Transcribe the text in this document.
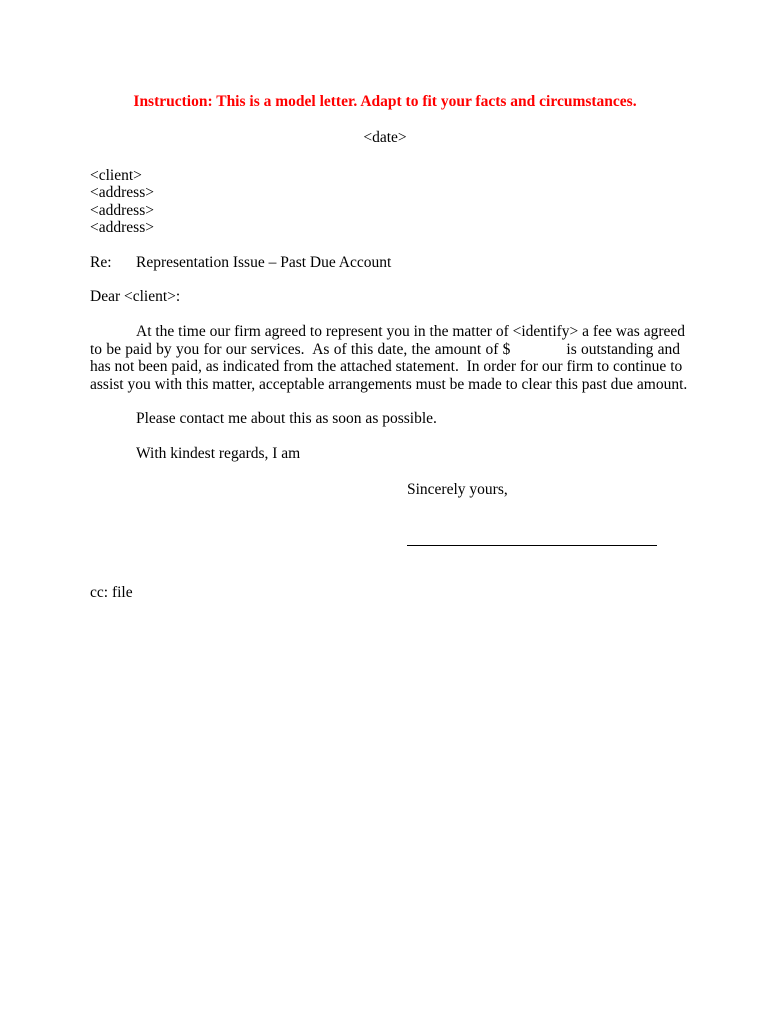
Instruction: This is a model letter. Adapt to fit your facts and circumstances.
<date>
<client>
<address>
<address>
<address>
Re: Representation Issue – Past Due Account
Dear <client>:
At the time our firm agreed to represent you in the matter of <identify> a fee was agreed
to be paid by you for our services.  As of this date, the amount of $	is outstanding and
has not been paid, as indicated from the attached statement.  In order for our firm to continue to
assist you with this matter, acceptable arrangements must be made to clear this past due amount.
Please contact me about this as soon as possible.
With kindest regards, I am
Sincerely yours,
cc: file
